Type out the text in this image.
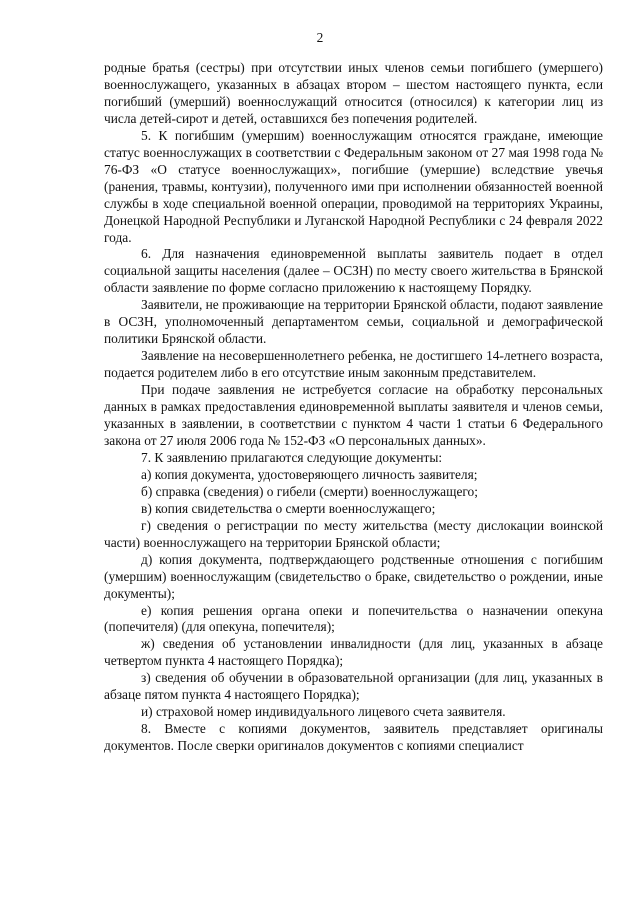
2

родные братья (сестры) при отсутствии иных членов семьи погибшего (умершего) военнослужащего, указанных в абзацах втором – шестом настоящего пункта, если погибший (умерший) военнослужащий относится (относился) к категории лиц из числа детей-сирот и детей, оставшихся без попечения родителей.

5. К погибшим (умершим) военнослужащим относятся граждане, имеющие статус военнослужащих в соответствии с Федеральным законом от 27 мая 1998 года № 76-ФЗ «О статусе военнослужащих», погибшие (умершие) вследствие увечья (ранения, травмы, контузии), полученного ими при исполнении обязанностей военной службы в ходе специальной военной операции, проводимой на территориях Украины, Донецкой Народной Республики и Луганской Народной Республики с 24 февраля 2022 года.

6. Для назначения единовременной выплаты заявитель подает в отдел социальной защиты населения (далее – ОСЗН) по месту своего жительства в Брянской области заявление по форме согласно приложению к настоящему Порядку.

Заявители, не проживающие на территории Брянской области, подают заявление в ОСЗН, уполномоченный департаментом семьи, социальной и демографической политики Брянской области.

Заявление на несовершеннолетнего ребенка, не достигшего 14-летнего возраста, подается родителем либо в его отсутствие иным законным представителем.

При подаче заявления не истребуется согласие на обработку персональных данных в рамках предоставления единовременной выплаты заявителя и членов семьи, указанных в заявлении, в соответствии с пунктом 4 части 1 статьи 6 Федерального закона от 27 июля 2006 года № 152-ФЗ «О персональных данных».

7. К заявлению прилагаются следующие документы:

а) копия документа, удостоверяющего личность заявителя;

б) справка (сведения) о гибели (смерти) военнослужащего;

в) копия свидетельства о смерти военнослужащего;

г) сведения о регистрации по месту жительства (месту дислокации воинской части) военнослужащего на территории Брянской области;

д) копия документа, подтверждающего родственные отношения с погибшим (умершим) военнослужащим (свидетельство о браке, свидетельство о рождении, иные документы);

е) копия решения органа опеки и попечительства о назначении опекуна (попечителя) (для опекуна, попечителя);

ж) сведения об установлении инвалидности (для лиц, указанных в абзаце четвертом пункта 4 настоящего Порядка);

з) сведения об обучении в образовательной организации (для лиц, указанных в абзаце пятом пункта 4 настоящего Порядка);

и) страховой номер индивидуального лицевого счета заявителя.

8. Вместе с копиями документов, заявитель представляет оригиналы документов. После сверки оригиналов документов с копиями специалист
